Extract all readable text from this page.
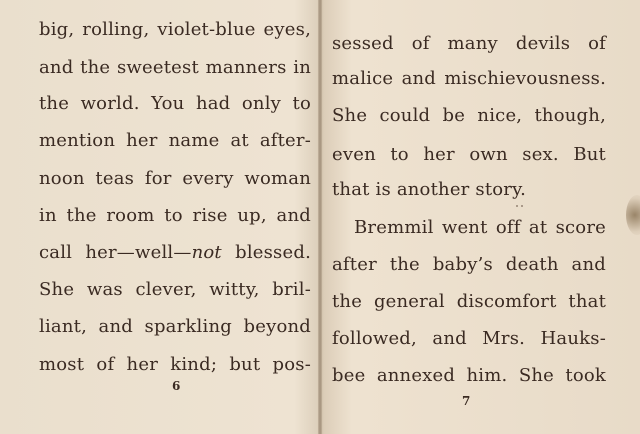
big, rolling, violet-blue eyes,
and the sweetest manners in
the world. You had only to
mention her name at after-
noon teas for every woman
in the room to rise up, and
call her—well—not blessed.
She was clever, witty, bril-
liant, and sparkling beyond
most of her kind; but pos-
6
sessed of many devils of
malice and mischievousness.
She could be nice, though,
even to her own sex. But
that is another story.
Bremmil went off at score
after the baby’s death and
the general discomfort that
followed, and Mrs. Hauks-
bee annexed him. She took
7
